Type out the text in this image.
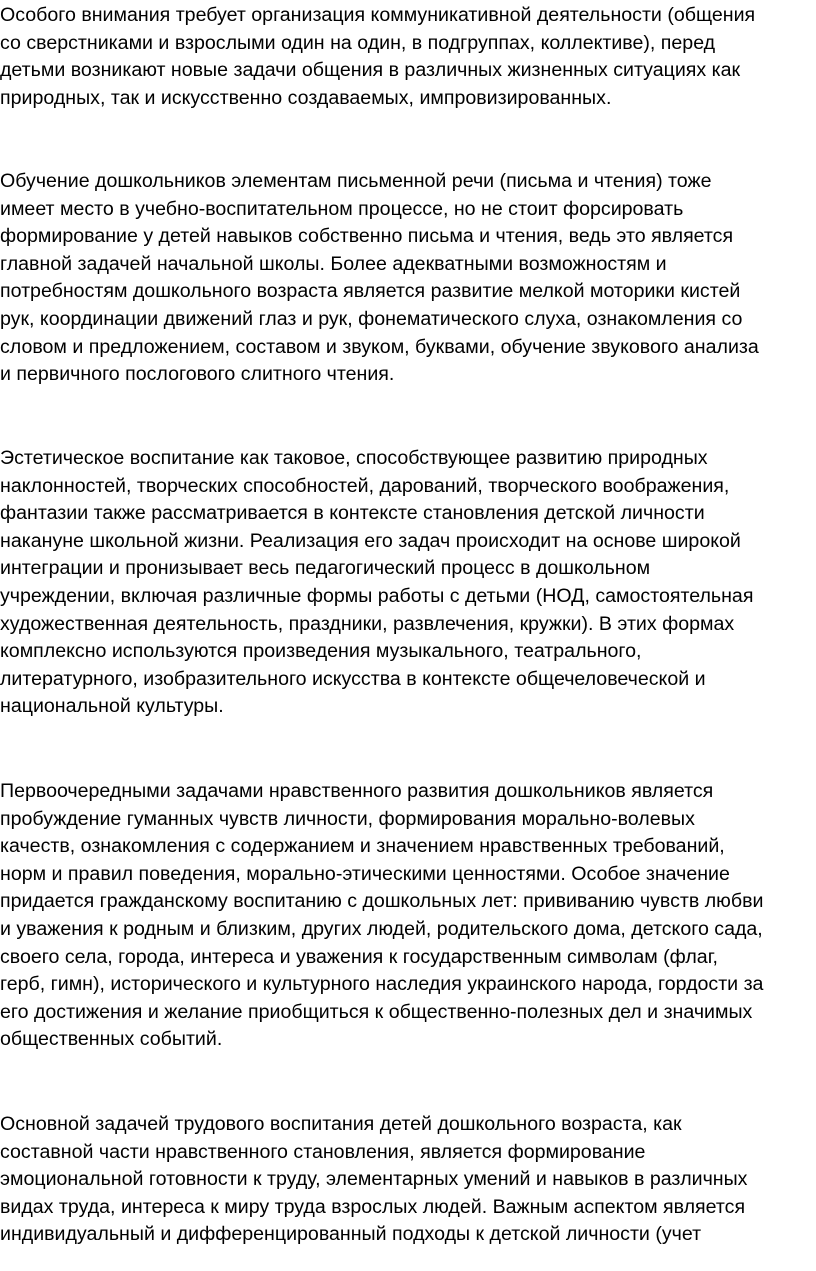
Особого внимания требует организация коммуникативной деятельности (общения
со сверстниками и взрослыми один на один, в подгруппах, коллективе), перед
детьми возникают новые задачи общения в различных жизненных ситуациях как
природных, так и искусственно создаваемых, импровизированных.

Обучение дошкольников элементам письменной речи (письма и чтения) тоже
имеет место в учебно-воспитательном процессе, но не стоит форсировать
формирование у детей навыков собственно письма и чтения, ведь это является
главной задачей начальной школы. Более адекватными возможностям и
потребностям дошкольного возраста является развитие мелкой моторики кистей
рук, координации движений глаз и рук, фонематического слуха, ознакомления со
словом и предложением, составом и звуком, буквами, обучение звукового анализа
и первичного послогового слитного чтения.

Эстетическое воспитание как таковое, способствующее развитию природных
наклонностей, творческих способностей, дарований, творческого воображения,
фантазии также рассматривается в контексте становления детской личности
накануне школьной жизни. Реализация его задач происходит на основе широкой
интеграции и пронизывает весь педагогический процесс в дошкольном
учреждении, включая различные формы работы с детьми (НОД, самостоятельная
художественная деятельность, праздники, развлечения, кружки). В этих формах
комплексно используются произведения музыкального, театрального,
литературного, изобразительного искусства в контексте общечеловеческой и
национальной культуры.

Первоочередными задачами нравственного развития дошкольников является
пробуждение гуманных чувств личности, формирования морально-волевых
качеств, ознакомления с содержанием и значением нравственных требований,
норм и правил поведения, морально-этическими ценностями. Особое значение
придается гражданскому воспитанию с дошкольных лет: прививанию чувств любви
и уважения к родным и близким, других людей, родительского дома, детского сада,
своего села, города, интереса и уважения к государственным символам (флаг,
герб, гимн), исторического и культурного наследия украинского народа, гордости за
его достижения и желание приобщиться к общественно-полезных дел и значимых
общественных событий.

Основной задачей трудового воспитания детей дошкольного возраста, как
составной части нравственного становления, является формирование
эмоциональной готовности к труду, элементарных умений и навыков в различных
видах труда, интереса к миру труда взрослых людей. Важным аспектом является
индивидуальный и дифференцированный подходы к детской личности (учет
